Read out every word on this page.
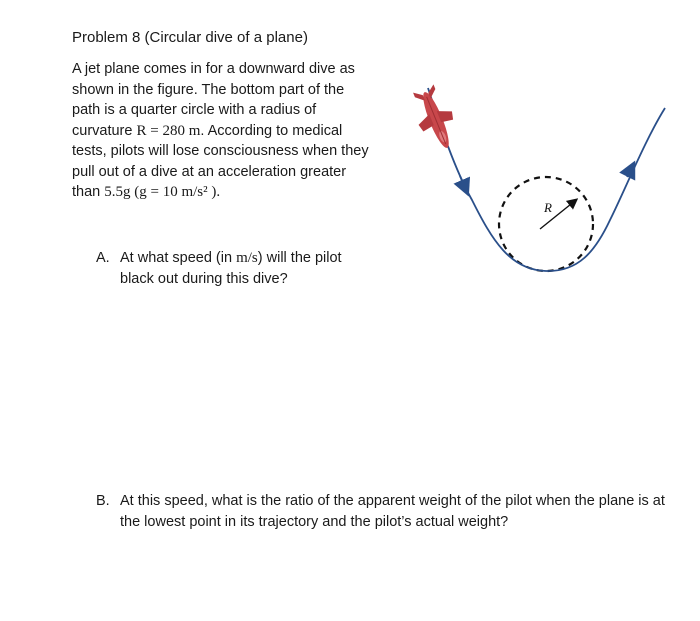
Problem 8 (Circular dive of a plane)
A jet plane comes in for a downward dive as
shown in the figure. The bottom part of the
path is a quarter circle with a radius of
curvature R = 280 m. According to medical
tests, pilots will lose consciousness when they
pull out of a dive at an acceleration greater
than 5.5g (g = 10 m/s² ).
R
A. At what speed (in m/s) will the pilot
black out during this dive?
B. At this speed, what is the ratio of the apparent weight of the pilot when the plane is at
the lowest point in its trajectory and the pilot’s actual weight?
